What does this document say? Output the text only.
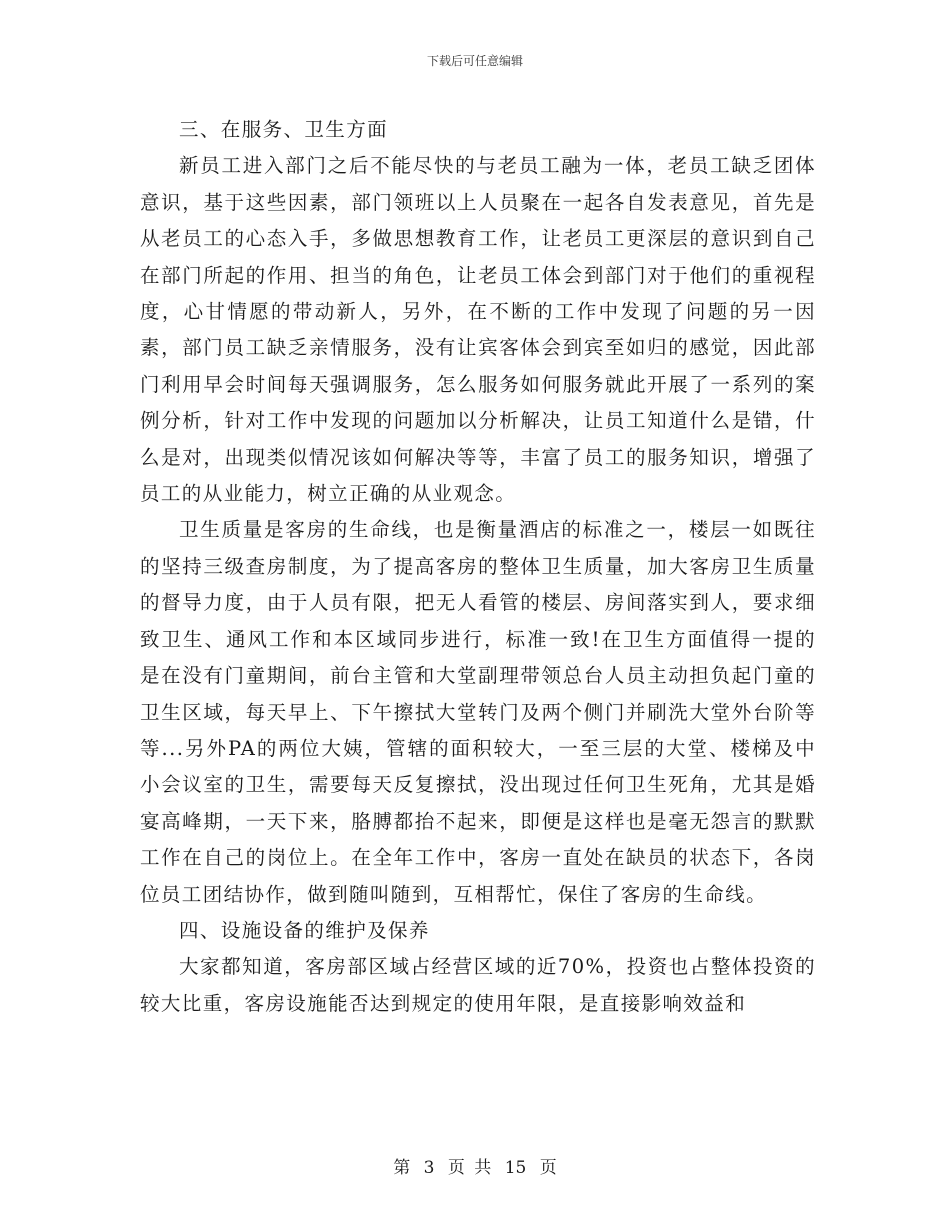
下载后可任意编辑

三、在服务、卫生方面

新员工进入部门之后不能尽快的与老员工融为一体，老员工缺乏团体意识，基于这些因素，部门领班以上人员聚在一起各自发表意见，首先是从老员工的心态入手，多做思想教育工作，让老员工更深层的意识到自己在部门所起的作用、担当的角色，让老员工体会到部门对于他们的重视程度，心甘情愿的带动新人，另外，在不断的工作中发现了问题的另一因素，部门员工缺乏亲情服务，没有让宾客体会到宾至如归的感觉，因此部门利用早会时间每天强调服务，怎么服务如何服务就此开展了一系列的案例分析，针对工作中发现的问题加以分析解决，让员工知道什么是错，什么是对，出现类似情况该如何解决等等，丰富了员工的服务知识，增强了员工的从业能力，树立正确的从业观念。

卫生质量是客房的生命线，也是衡量酒店的标准之一，楼层一如既往的坚持三级查房制度，为了提高客房的整体卫生质量，加大客房卫生质量的督导力度，由于人员有限，把无人看管的楼层、房间落实到人，要求细致卫生、通风工作和本区域同步进行，标准一致!在卫生方面值得一提的是在没有门童期间，前台主管和大堂副理带领总台人员主动担负起门童的卫生区域，每天早上、下午擦拭大堂转门及两个侧门并刷洗大堂外台阶等等...另外PA的两位大姨，管辖的面积较大，一至三层的大堂、楼梯及中小会议室的卫生，需要每天反复擦拭，没出现过任何卫生死角，尤其是婚宴高峰期，一天下来，胳膊都抬不起来，即便是这样也是毫无怨言的默默工作在自己的岗位上。在全年工作中，客房一直处在缺员的状态下，各岗位员工团结协作，做到随叫随到，互相帮忙，保住了客房的生命线。

四、设施设备的维护及保养

大家都知道，客房部区域占经营区域的近70%，投资也占整体投资的较大比重，客房设施能否达到规定的使用年限，是直接影响效益和

第 3 页 共 15 页
